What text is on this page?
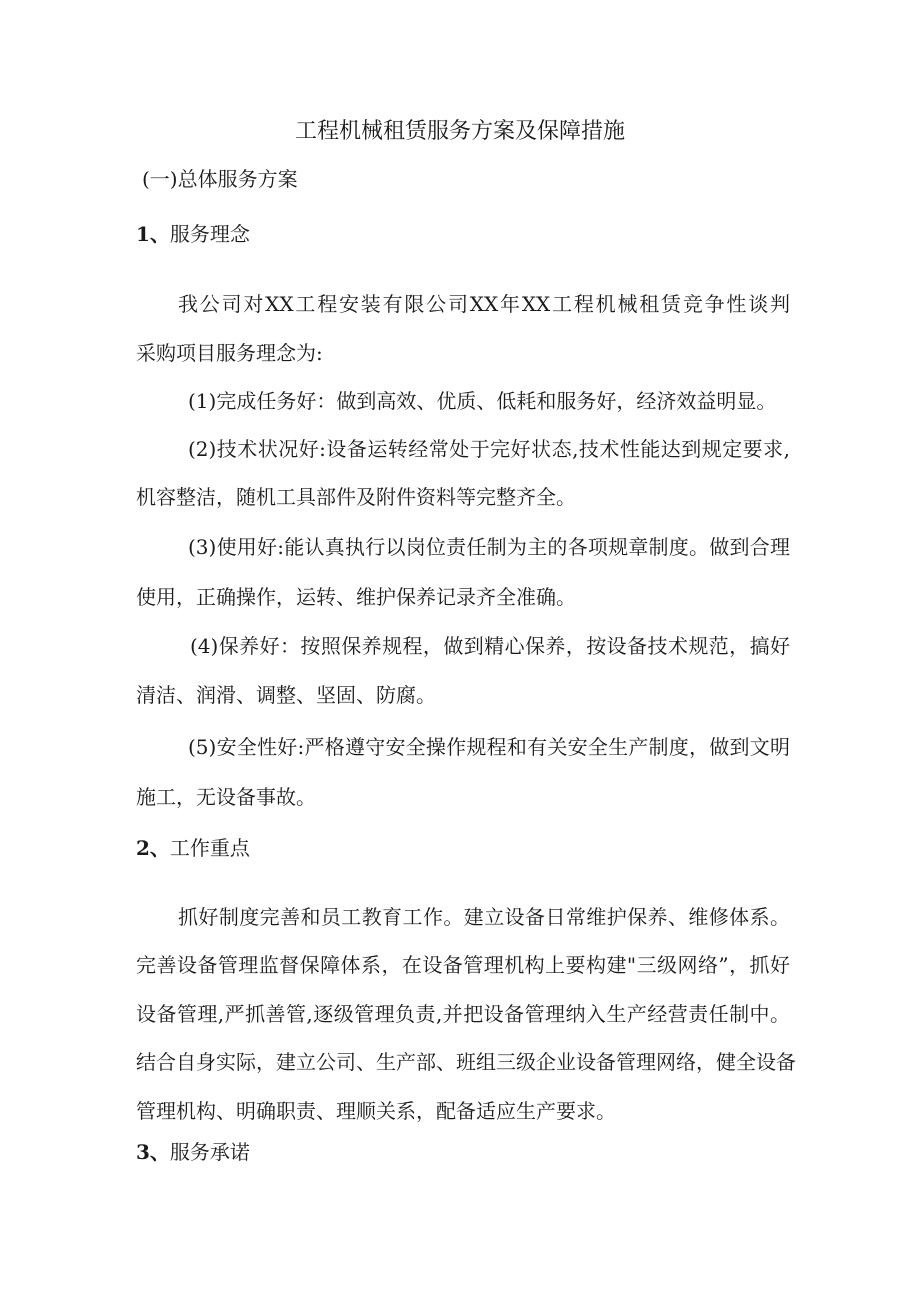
工程机械租赁服务方案及保障措施

(一)总体服务方案

1、服务理念

我公司对XX工程安装有限公司XX年XX工程机械租赁竞争性谈判

采购项目服务理念为:

(1)完成任务好：做到高效、优质、低耗和服务好，经济效益明显。

(2)技术状况好:设备运转经常处于完好状态,技术性能达到规定要求,

机容整洁，随机工具部件及附件资料等完整齐全。

(3)使用好:能认真执行以岗位责任制为主的各项规章制度。做到合理

使用，正确操作，运转、维护保养记录齐全准确。

(4)保养好：按照保养规程，做到精心保养，按设备技术规范，搞好

清洁、润滑、调整、坚固、防腐。

(5)安全性好:严格遵守安全操作规程和有关安全生产制度，做到文明

施工，无设备事故。

2、工作重点

抓好制度完善和员工教育工作。建立设备日常维护保养、维修体系。

完善设备管理监督保障体系，在设备管理机构上要构建"三级网络”，抓好

设备管理,严抓善管,逐级管理负责,并把设备管理纳入生产经营责任制中。

结合自身实际，建立公司、生产部、班组三级企业设备管理网络，健全设备

管理机构、明确职责、理顺关系，配备适应生产要求。

3、服务承诺
